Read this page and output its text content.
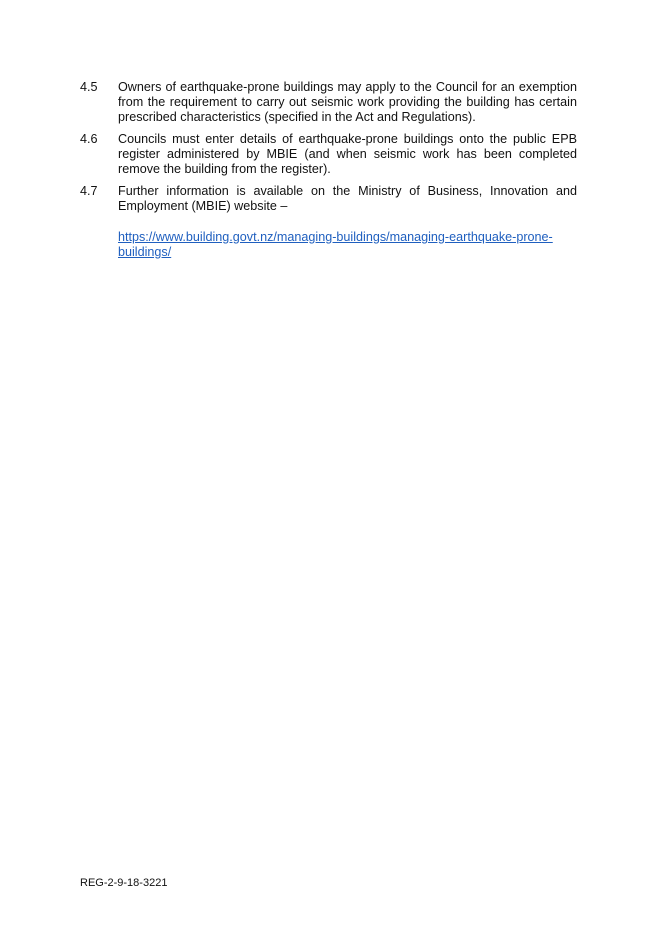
4.5	Owners of earthquake-prone buildings may apply to the Council for an exemption from the requirement to carry out seismic work providing the building has certain prescribed characteristics (specified in the Act and Regulations).
4.6	Councils must enter details of earthquake-prone buildings onto the public EPB register administered by MBIE (and when seismic work has been completed remove the building from the register).
4.7	Further information is available on the Ministry of Business, Innovation and Employment (MBIE) website –
https://www.building.govt.nz/managing-buildings/managing-earthquake-prone-
buildings/
REG-2-9-18-3221
